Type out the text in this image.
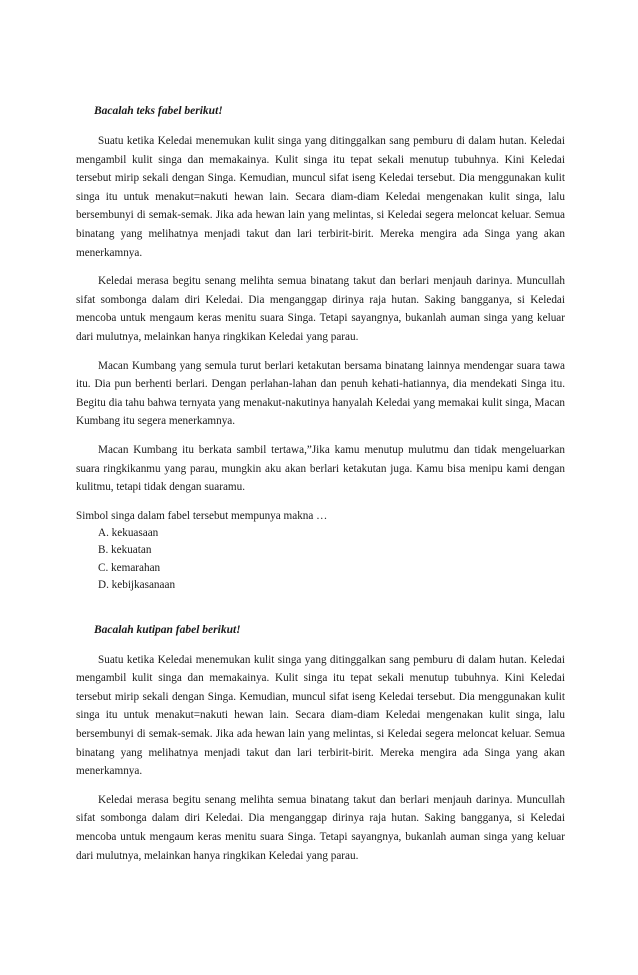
Bacalah teks fabel berikut!

Suatu ketika Keledai menemukan kulit singa yang ditinggalkan sang pemburu di dalam hutan. Keledai mengambil kulit singa dan memakainya. Kulit singa itu tepat sekali menutup tubuhnya. Kini Keledai tersebut mirip sekali dengan Singa. Kemudian, muncul sifat iseng Keledai tersebut. Dia menggunakan kulit singa itu untuk menakut=nakuti hewan lain. Secara diam-diam Keledai mengenakan kulit singa, lalu bersembunyi di semak-semak. Jika ada hewan lain yang melintas, si Keledai segera meloncat keluar. Semua binatang yang melihatnya menjadi takut dan lari terbirit-birit. Mereka mengira ada Singa yang akan menerkamnya.

Keledai merasa begitu senang melihta semua binatang takut dan berlari menjauh darinya. Muncullah sifat sombonga dalam diri Keledai. Dia menganggap dirinya raja hutan. Saking bangganya, si Keledai mencoba untuk mengaum keras menitu suara Singa. Tetapi sayangnya, bukanlah auman singa yang keluar dari mulutnya, melainkan hanya ringkikan Keledai yang parau.

Macan Kumbang yang semula turut berlari ketakutan bersama binatang lainnya mendengar suara tawa itu. Dia pun berhenti berlari. Dengan perlahan-lahan dan penuh kehati-hatiannya, dia mendekati Singa itu. Begitu dia tahu bahwa ternyata yang menakut-nakutinya hanyalah Keledai yang memakai kulit singa, Macan Kumbang itu segera menerkamnya.

Macan Kumbang itu berkata sambil tertawa,”Jika kamu menutup mulutmu dan tidak mengeluarkan suara ringkikanmu yang parau, mungkin aku akan berlari ketakutan juga. Kamu bisa menipu kami dengan kulitmu, tetapi tidak dengan suaramu.

Simbol singa dalam fabel tersebut mempunya makna …

A. kekuasaan
B. kekuatan
C. kemarahan
D. kebijkasanaan
Bacalah kutipan fabel berikut!

Suatu ketika Keledai menemukan kulit singa yang ditinggalkan sang pemburu di dalam hutan. Keledai mengambil kulit singa dan memakainya. Kulit singa itu tepat sekali menutup tubuhnya. Kini Keledai tersebut mirip sekali dengan Singa. Kemudian, muncul sifat iseng Keledai tersebut. Dia menggunakan kulit singa itu untuk menakut=nakuti hewan lain. Secara diam-diam Keledai mengenakan kulit singa, lalu bersembunyi di semak-semak. Jika ada hewan lain yang melintas, si Keledai segera meloncat keluar. Semua binatang yang melihatnya menjadi takut dan lari terbirit-birit. Mereka mengira ada Singa yang akan menerkamnya.

Keledai merasa begitu senang melihta semua binatang takut dan berlari menjauh darinya. Muncullah sifat sombonga dalam diri Keledai. Dia menganggap dirinya raja hutan. Saking bangganya, si Keledai mencoba untuk mengaum keras menitu suara Singa. Tetapi sayangnya, bukanlah auman singa yang keluar dari mulutnya, melainkan hanya ringkikan Keledai yang parau.
